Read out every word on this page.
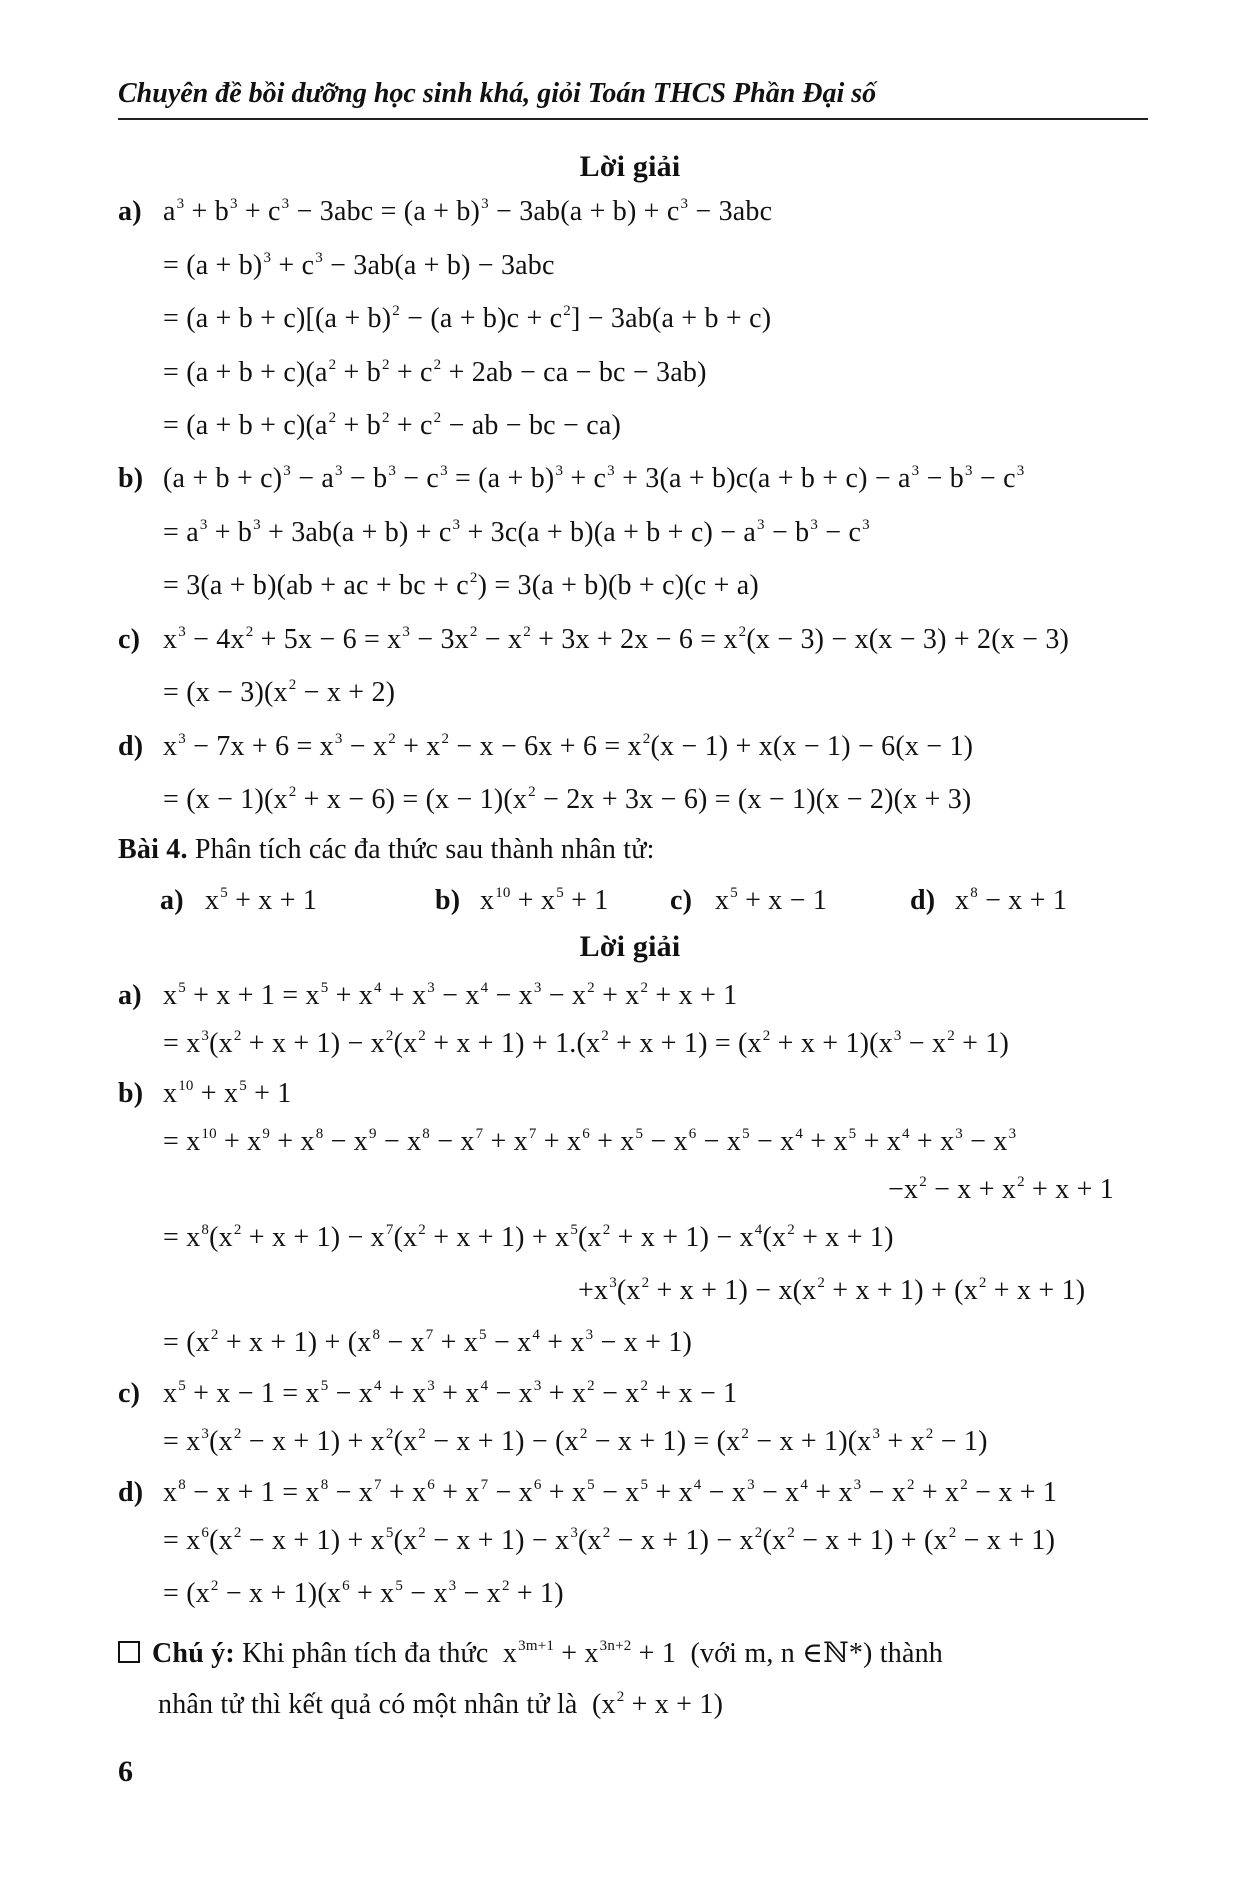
Chuyên đề bồi dưỡng học sinh khá, giỏi Toán THCS Phần Đại số
Lời giải
a) $a^3 + b^3 + c^3 - 3abc = (a + b)^3 - 3ab(a + b) + c^3 - 3abc$
= $(a + b)^3 + c^3 - 3ab(a + b) - 3abc$
= $(a + b + c)[(a + b)^2 - (a + b)c + c^2] - 3ab(a + b + c)$
= $(a + b + c)(a^2 + b^2 + c^2 + 2ab$ − ca − bc − 3ab)
= $(a + b + c)(a^2 + b^2 + c^2$ − ab − bc − ca)
b) $(a + b + c)^3 - a^3 - b^3 - c^3 = (a + b)^3 + c^3 + 3(a + b)c(a + b + c) - a^3 - b^3 - c^3$
= $a^3 + b^3 + 3ab(a + b) + c^3 + 3c(a + b)(a + b + c) - a^3 - b^3 - c^3$
= 3(a + b)(ab + ac + bc + $c^2) = 3(a + b)(b + c)(c + a)$
c) $x^3 - 4x^2 + 5x - 6 = x^3 - 3x^2 - x^2 + 3x + 2x - 6 = x^2(x - 3) - x(x - 3) + 2(x - 3)$
= $(x - 3)(x^2 - x + 2)$
d) $x^3 - 7x + 6 = x^3 - x^2 + x^2 - x - 6x + 6 = x^2(x - 1) + x(x - 1) - 6(x - 1)$
= $(x - 1)(x^2 + x - 6) = (x - 1)(x^2 - 2x + 3x - 6) = (x - 1)(x - 2)(x + 3)$
Bài 4. Phân tích các đa thức sau thành nhân tử:
a) $x^5 + x + 1$	b) $x^{10} + x^5 + 1$ c) $x^5 + x - 1$	d) $x^8 - x + 1$
Lời giải
a) $x^5 + x + 1 = x^5 + x^4 + x^3 - x^4 - x^3 - x^2 + x^2 + x + 1$
= $x^3(x^2 + x + 1) - x^2(x^2 + x + 1) + 1.(x^2 + x + 1) = (x^2 + x + 1)(x^3 - x^2 + 1)$
b) $x^{10} + x^5 + 1$
= $x^{10} + x^9 + x^8 - x^9 - x^8 - x^7 + x^7 + x^6 + x^5 - x^6 - x^5 - x^4 + x^5 + x^4 + x^3 - x^3$
$-x^2 - x + x^2 + x + 1$
= $x^8(x^2 + x + 1) - x^7(x^2 + x + 1) + x^5(x^2 + x + 1) - x^4(x^2 + x + 1)$
$+x^3(x^2 + x + 1) - x(x^2 + x + 1) + (x^2 + x + 1)$
= $(x^2 + x + 1) + (x^8 - x^7 + x^5 - x^4 + x^3 - x + 1)$
c) $x^5 + x - 1 = x^5 - x^4 + x^3 + x^4 - x^3 + x^2 - x^2 + x - 1$
= $x^3(x^2 - x + 1) + x^2(x^2 - x + 1) - (x^2 - x + 1) = (x^2 - x + 1)(x^3 + x^2 - 1)$
d) $x^8 - x + 1 = x^8 - x^7 + x^6 + x^7 - x^6 + x^5 - x^5 + x^4 - x^3 - x^4 + x^3 - x^2 + x^2 - x + 1$
= $x^6(x^2 - x + 1) + x^5(x^2 - x + 1) - x^3(x^2 - x + 1) - x^2(x^2 - x + 1) + (x^2 - x + 1)$
= $(x^2 - x + 1)(x^6 + x^5 - x^3 - x^2 + 1)$
Chú ý: Khi phân tích đa thức  $x^{3m+1} + x^{3n+2} + 1$  (với m, n ∈ℕ*) thành
nhân tử thì kết quả có một nhân tử là  $(x^2 + x + 1)$
6
